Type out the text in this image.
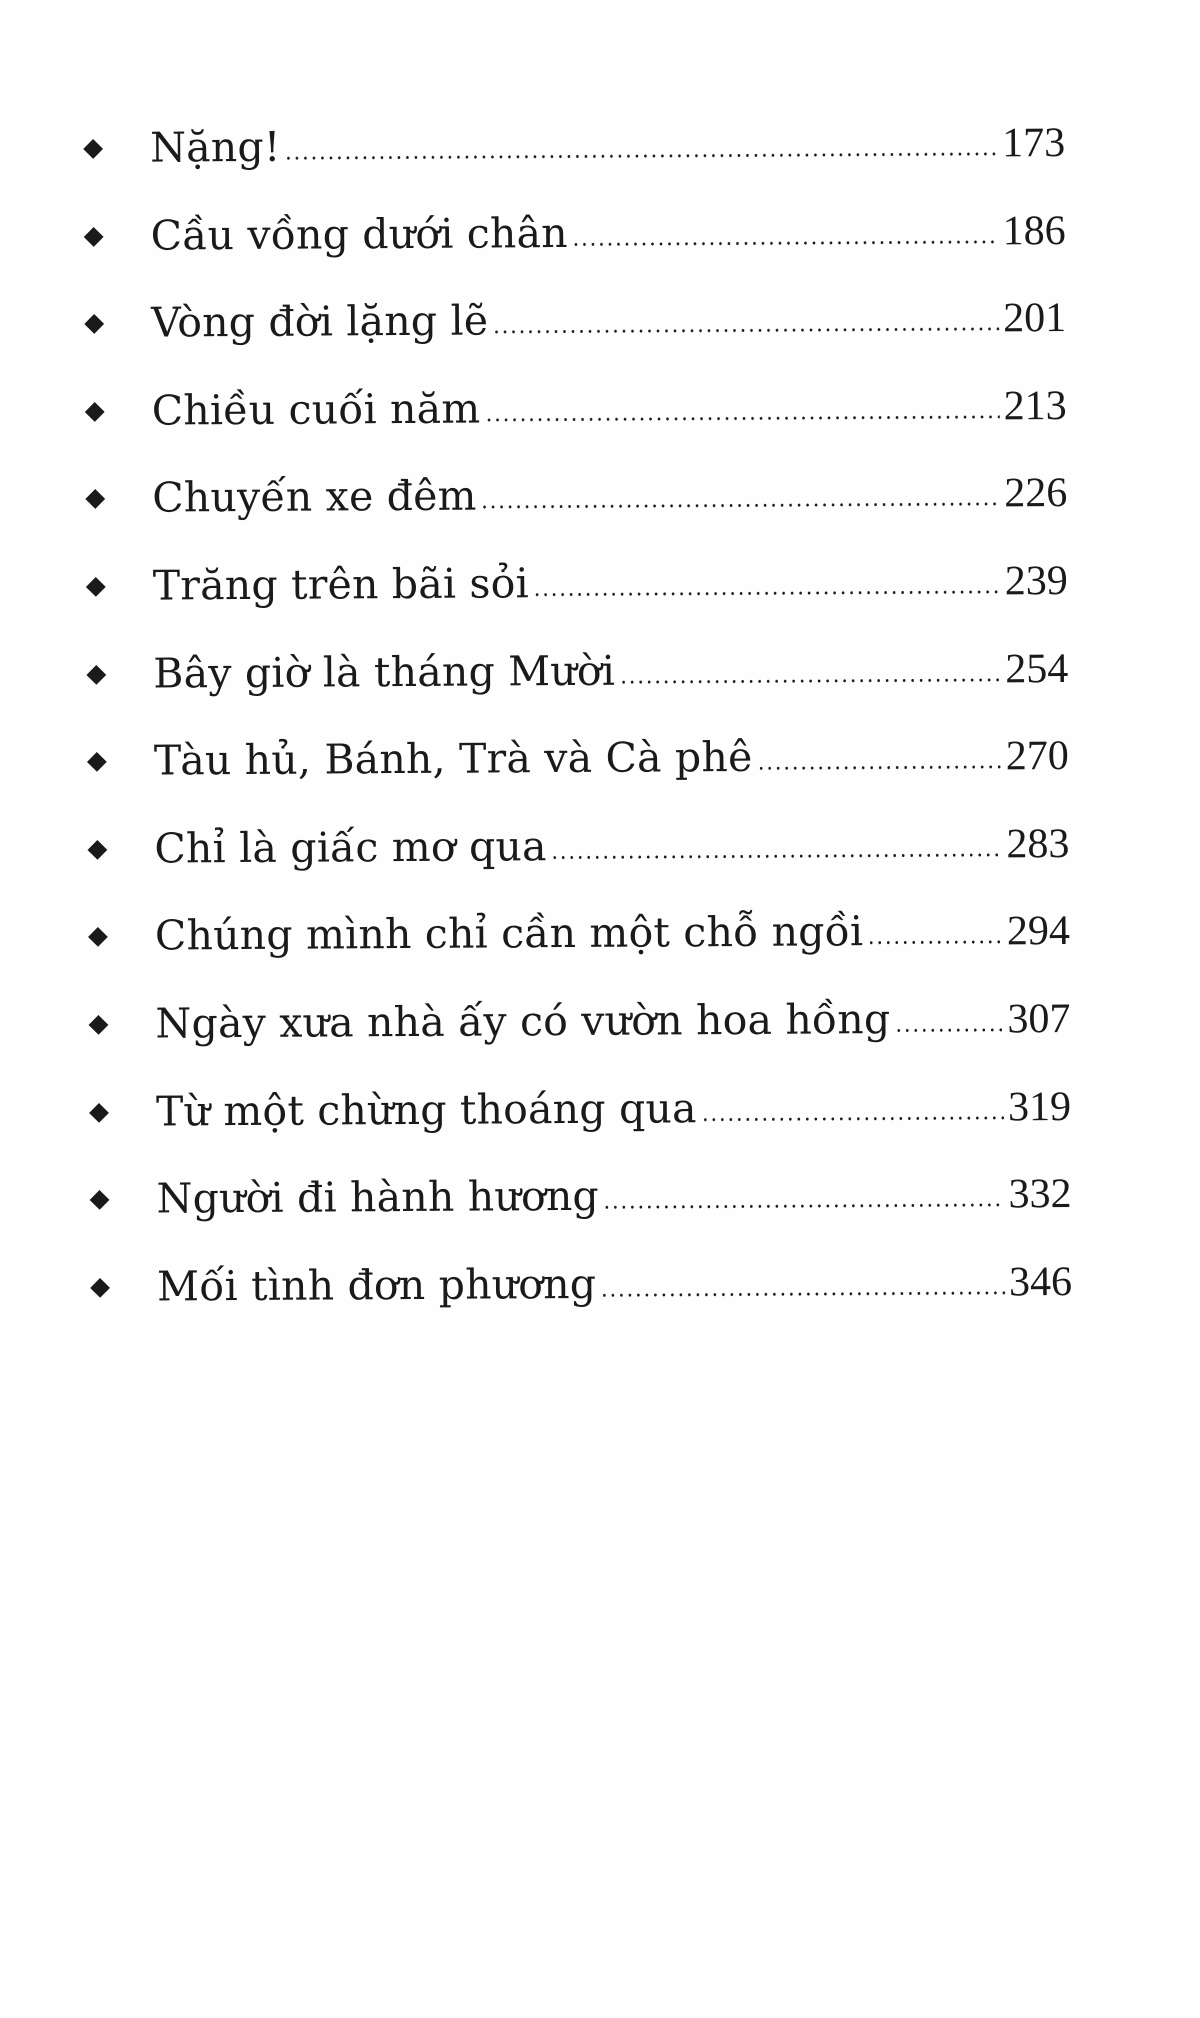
Nặng!	173
Cầu vồng dưới chân	186
Vòng đời lặng lẽ	201
Chiều cuối năm	213
Chuyến xe đêm	226
Trăng trên bãi sỏi	239
Bây giờ là tháng Mười	254
Tàu hủ, Bánh, Trà và Cà phê	270
Chỉ là giấc mơ qua	283
Chúng mình chỉ cần một chỗ ngồi	294
Ngày xưa nhà ấy có vườn hoa hồng	307
Từ một chừng thoáng qua	319
Người đi hành hương	332
Mối tình đơn phương	346
